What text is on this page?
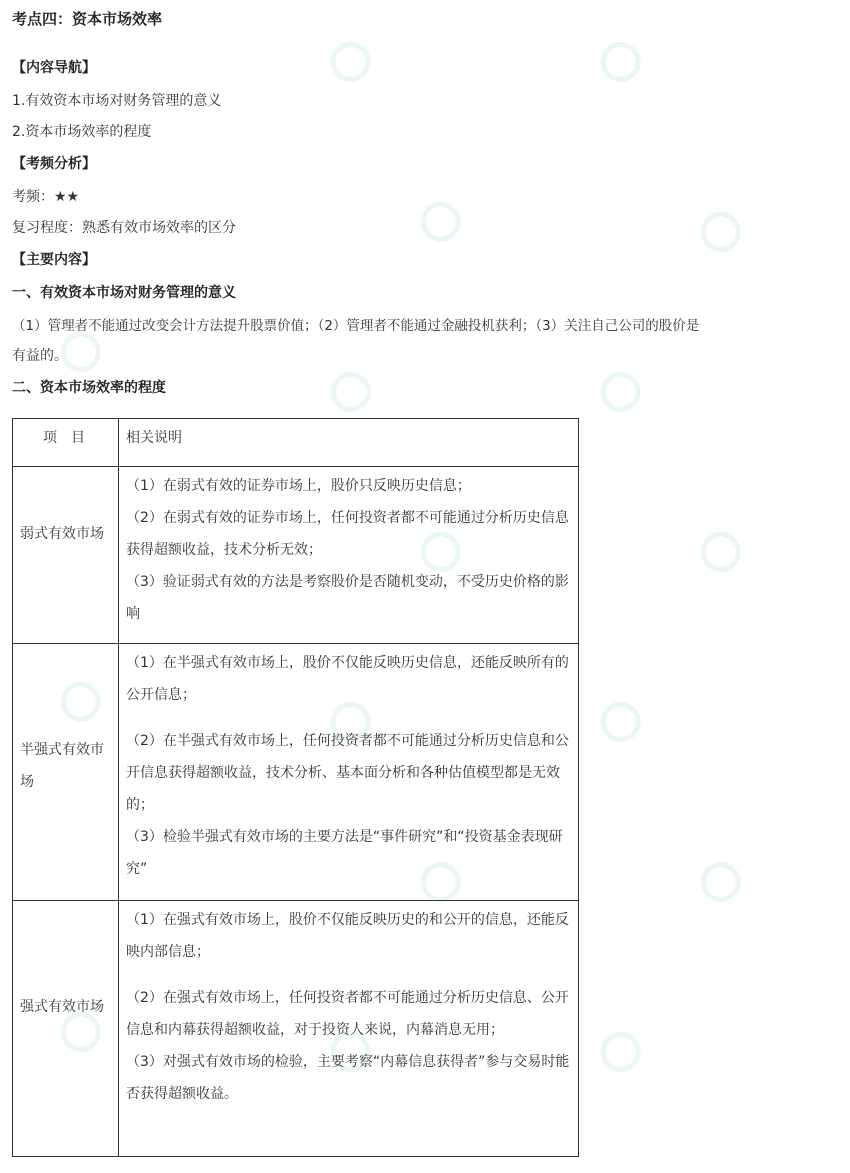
考点四：资本市场效率
【内容导航】
1.有效资本市场对财务管理的意义
2.资本市场效率的程度
【考频分析】
考频：★★
复习程度：熟悉有效市场效率的区分
【主要内容】
一、有效资本市场对财务管理的意义
（1）管理者不能通过改变会计方法提升股票价值；（2）管理者不能通过金融投机获利；（3）关注自己公司的股价是
有益的。
二、资本市场效率的程度
项　目	相关说明
弱式有效市场

（1）在弱式有效的证券市场上，股价只反映历史信息；

（2）在弱式有效的证券市场上，任何投资者都不可能通过分析历史信息获得超额收益，技术分析无效；

（3）验证弱式有效的方法是考察股价是否随机变动，不受历史价格的影响

半强式有效市场

（1）在半强式有效市场上，股价不仅能反映历史信息，还能反映所有的公开信息；

（2）在半强式有效市场上，任何投资者都不可能通过分析历史信息和公开信息获得超额收益，技术分析、基本面分析和各种估值模型都是无效的；

（3）检验半强式有效市场的主要方法是“事件研究”和“投资基金表现研究”

强式有效市场

（1）在强式有效市场上，股价不仅能反映历史的和公开的信息，还能反映内部信息；

（2）在强式有效市场上，任何投资者都不可能通过分析历史信息、公开信息和内幕获得超额收益，对于投资人来说，内幕消息无用；

（3）对强式有效市场的检验，主要考察“内幕信息获得者”参与交易时能否获得超额收益。
